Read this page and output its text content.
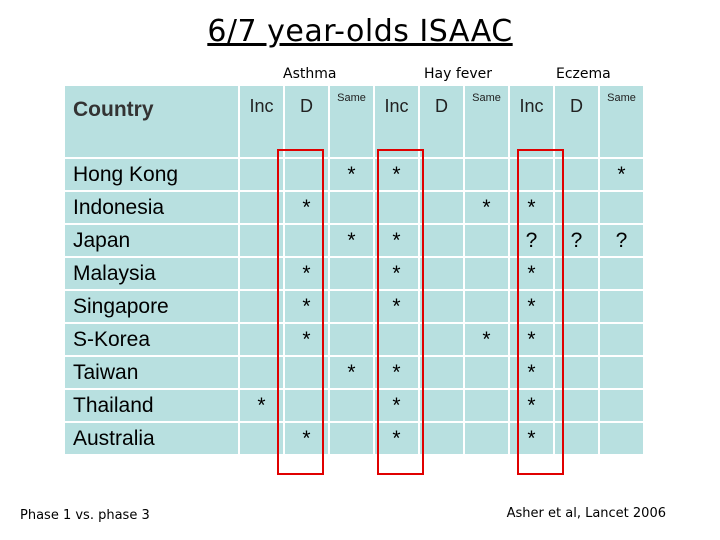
6/7 year-olds ISAAC
Asthma	Hay fever	Eczema
Country	Inc	D	Same	Inc	D	Same	Inc	D	Same
Hong Kong			*	*					*
Indonesia		*				*	*		
Japan			*	*			?	?	?
Malaysia		*		*			*		
Singapore		*		*			*		
S-Korea		*				*	*		
Taiwan			*	*			*		
Thailand	*			*			*		
Australia		*		*			*		
Phase 1 vs. phase 3	Asher et al, Lancet 2006
